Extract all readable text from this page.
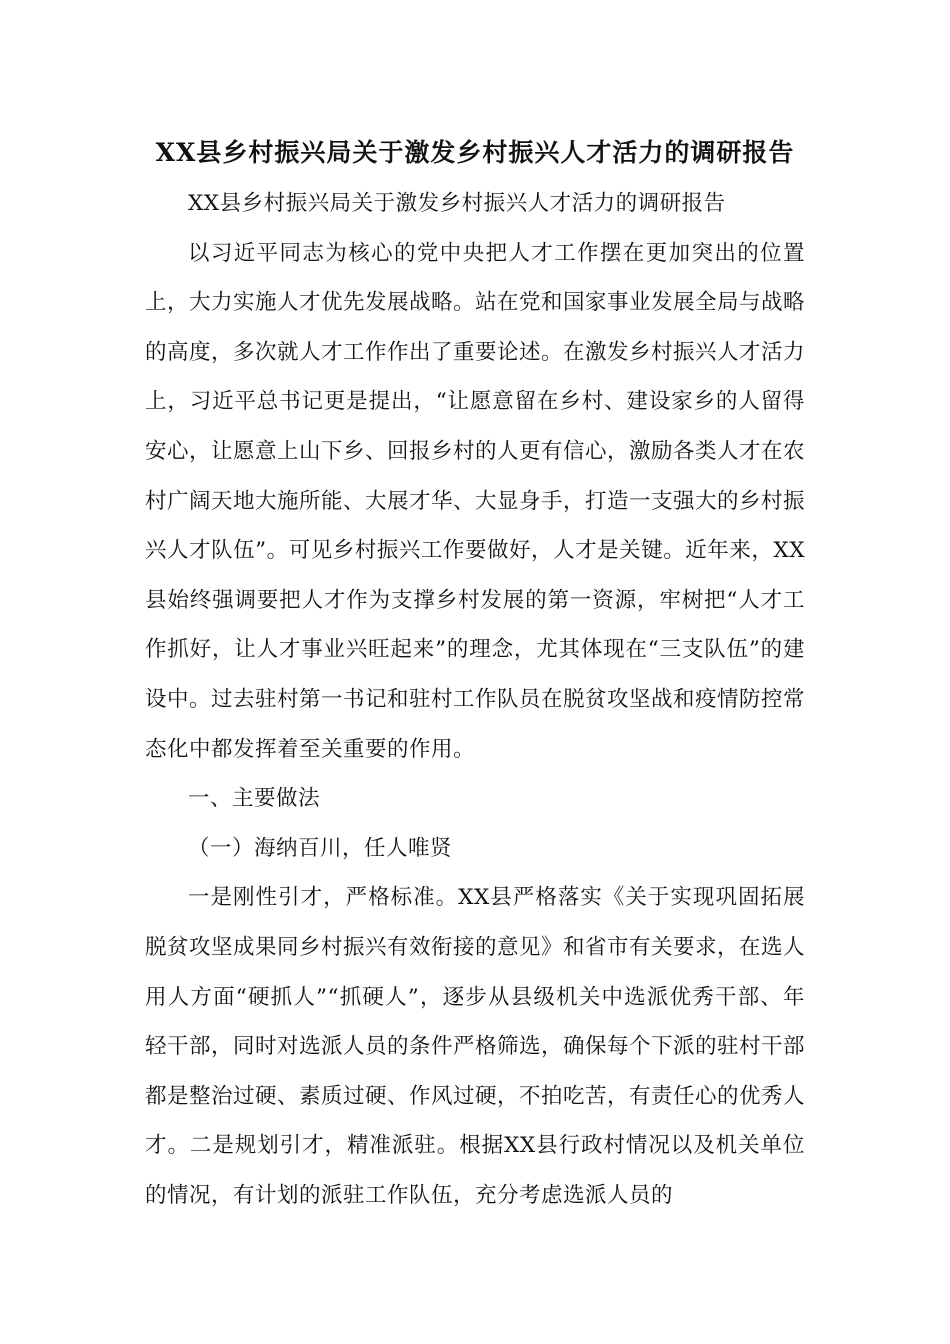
XX县乡村振兴局关于激发乡村振兴人才活力的调研报告

XX县乡村振兴局关于激发乡村振兴人才活力的调研报告

以习近平同志为核心的党中央把人才工作摆在更加突出的位置上，大力实施人才优先发展战略。站在党和国家事业发展全局与战略的高度，多次就人才工作作出了重要论述。在激发乡村振兴人才活力上，习近平总书记更是提出，“让愿意留在乡村、建设家乡的人留得安心，让愿意上山下乡、回报乡村的人更有信心，激励各类人才在农村广阔天地大施所能、大展才华、大显身手，打造一支强大的乡村振兴人才队伍”。可见乡村振兴工作要做好，人才是关键。近年来，XX县始终强调要把人才作为支撑乡村发展的第一资源，牢树把“人才工作抓好，让人才事业兴旺起来”的理念，尤其体现在“三支队伍”的建设中。过去驻村第一书记和驻村工作队员在脱贫攻坚战和疫情防控常态化中都发挥着至关重要的作用。

一、主要做法

（一）海纳百川，任人唯贤

一是刚性引才，严格标准。XX县严格落实《关于实现巩固拓展脱贫攻坚成果同乡村振兴有效衔接的意见》和省市有关要求，在选人用人方面“硬抓人”“抓硬人”，逐步从县级机关中选派优秀干部、年轻干部，同时对选派人员的条件严格筛选，确保每个下派的驻村干部都是整治过硬、素质过硬、作风过硬，不拍吃苦，有责任心的优秀人才。二是规划引才，精准派驻。根据XX县行政村情况以及机关单位的情况，有计划的派驻工作队伍，充分考虑选派人员的
